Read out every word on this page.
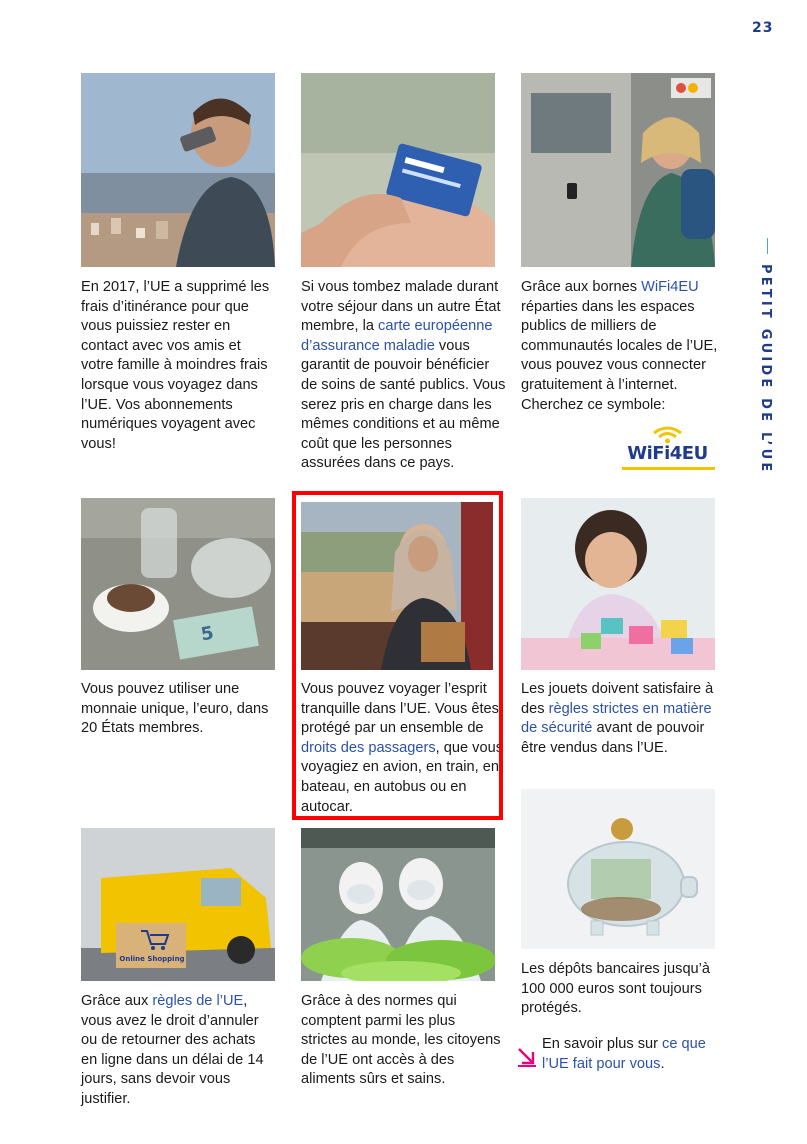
23
PETIT GUIDE DE L’UE
En 2017, l’UE a supprimé les frais d’itinérance pour que vous puissiez rester en contact avec vos amis et votre famille à moindres frais lorsque vous voyagez dans l’UE. Vos abonnements numériques voyagent avec vous!
Si vous tombez malade durant votre séjour dans un autre État membre, la carte européenne d’assurance maladie vous garantit de pouvoir bénéficier de soins de santé publics. Vous serez pris en charge dans les mêmes conditions et au même coût que les personnes assurées dans ce pays.
Grâce aux bornes WiFi4EU réparties dans les espaces publics de milliers de communautés locales de l’UE, vous pouvez vous connecter gratuitement à l’internet. Cherchez ce symbole:
WiFi4EU
5
Vous pouvez utiliser une monnaie unique, l’euro, dans 20 États membres.
Vous pouvez voyager l’esprit tranquille dans l’UE. Vous êtes protégé par un ensemble de droits des passagers, que vous voyagiez en avion, en train, en bateau, en autobus ou en autocar.
Les jouets doivent satisfaire à des règles strictes en matière de sécurité avant de pouvoir être vendus dans l’UE.
Les dépôts bancaires jusqu’à 100 000 euros sont toujours protégés.
Online Shopping
Grâce aux règles de l’UE, vous avez le droit d’annuler ou de retourner des achats en ligne dans un délai de 14 jours, sans devoir vous justifier.
Grâce à des normes qui comptent parmi les plus strictes au monde, les citoyens de l’UE ont accès à des aliments sûrs et sains.
En savoir plus sur ce que l’UE fait pour vous.
